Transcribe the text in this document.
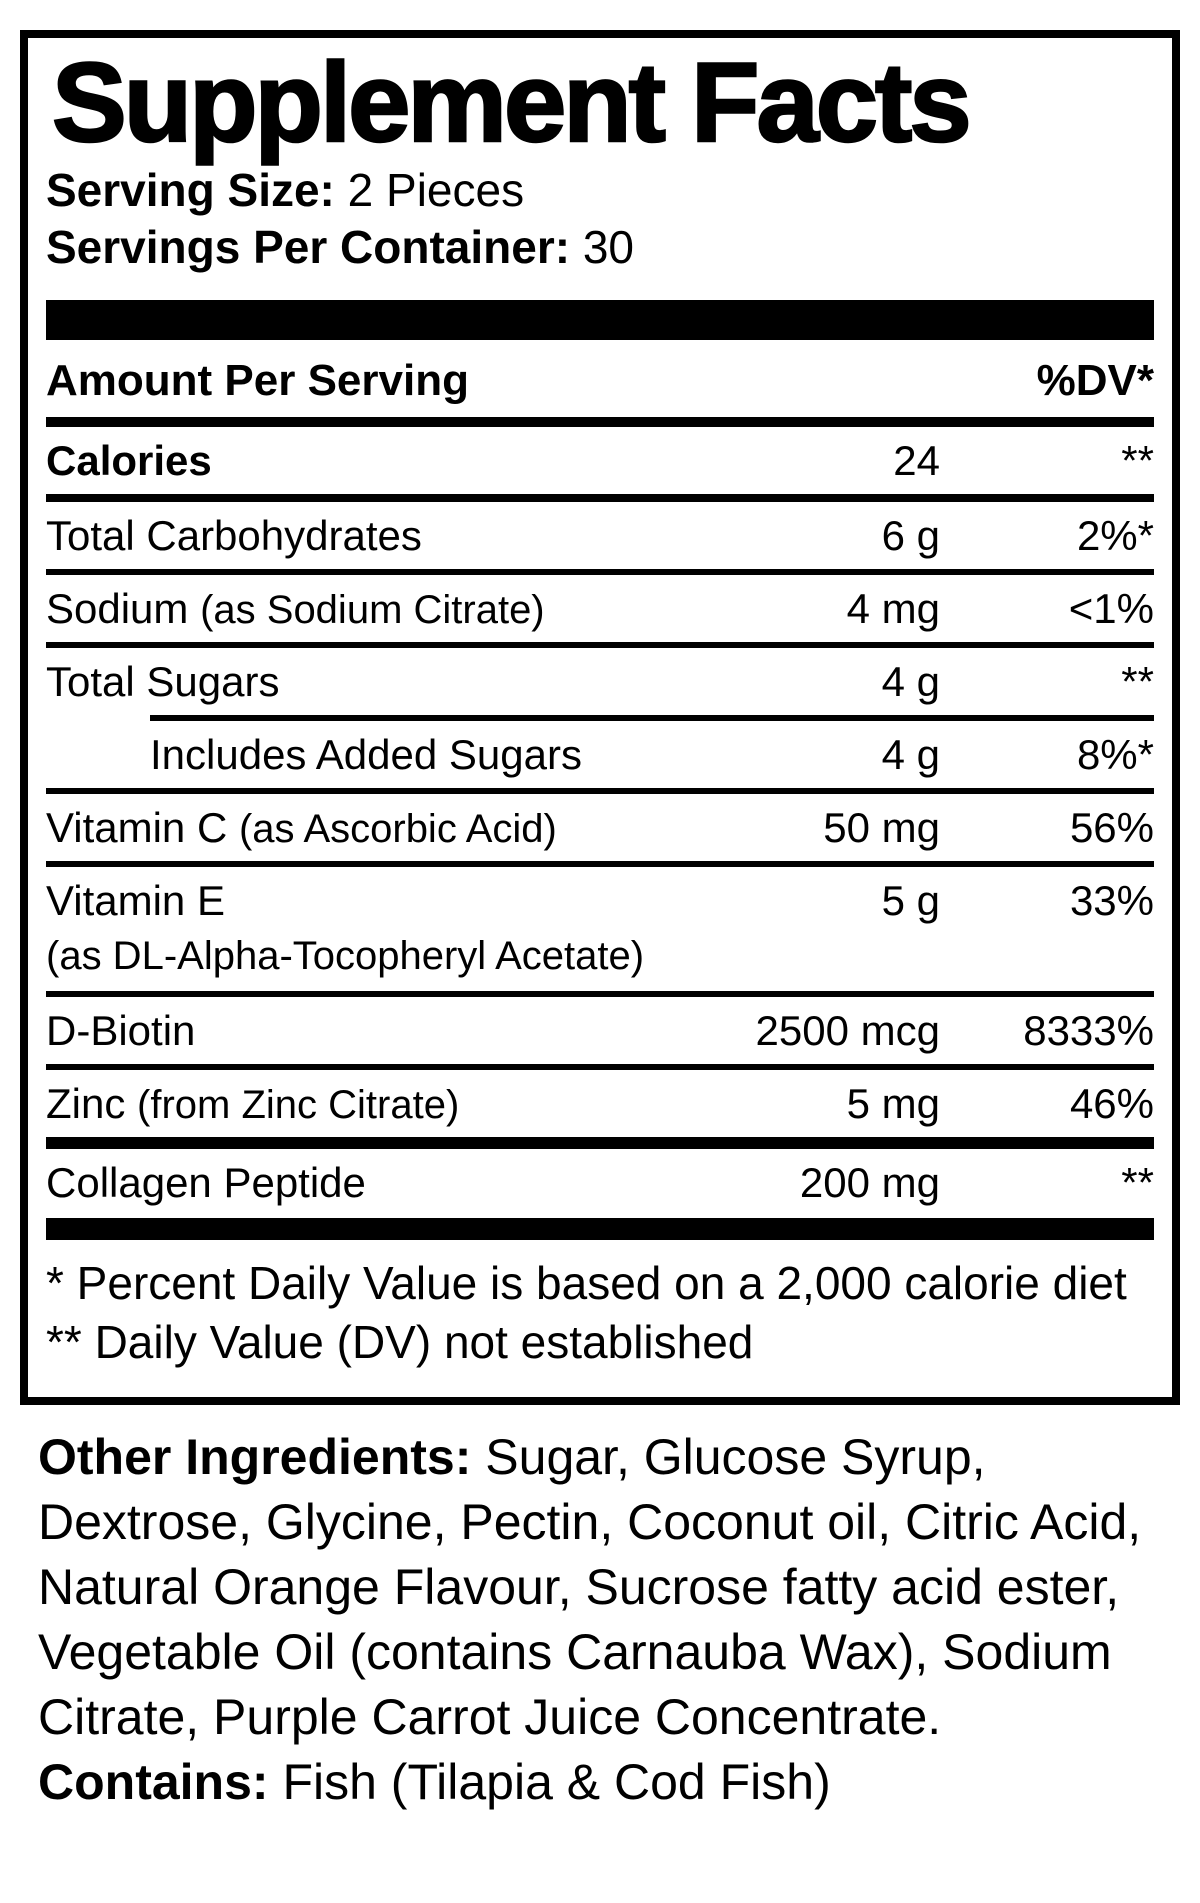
Supplement Facts
Serving Size: 2 Pieces
Servings Per Container: 30
Amount Per Serving	%DV*
Calories	24	**
Total Carbohydrates	6 g	2%*
Sodium (as Sodium Citrate)	4 mg	<1%
Total Sugars	4 g	**
Includes Added Sugars	4 g	8%*
Vitamin C (as Ascorbic Acid)	50 mg	56%
Vitamin E	5 g	33%
(as DL-Alpha-Tocopheryl Acetate)
D-Biotin	2500 mcg	8333%
Zinc (from Zinc Citrate)	5 mg	46%
Collagen Peptide	200 mg	**
* Percent Daily Value is based on a 2,000 calorie diet
** Daily Value (DV) not established
Other Ingredients: Sugar, Glucose Syrup, Dextrose, Glycine, Pectin, Coconut oil, Citric Acid, Natural Orange Flavour, Sucrose fatty acid ester, Vegetable Oil (contains Carnauba Wax), Sodium Citrate, Purple Carrot Juice Concentrate.
Contains: Fish (Tilapia & Cod Fish)
